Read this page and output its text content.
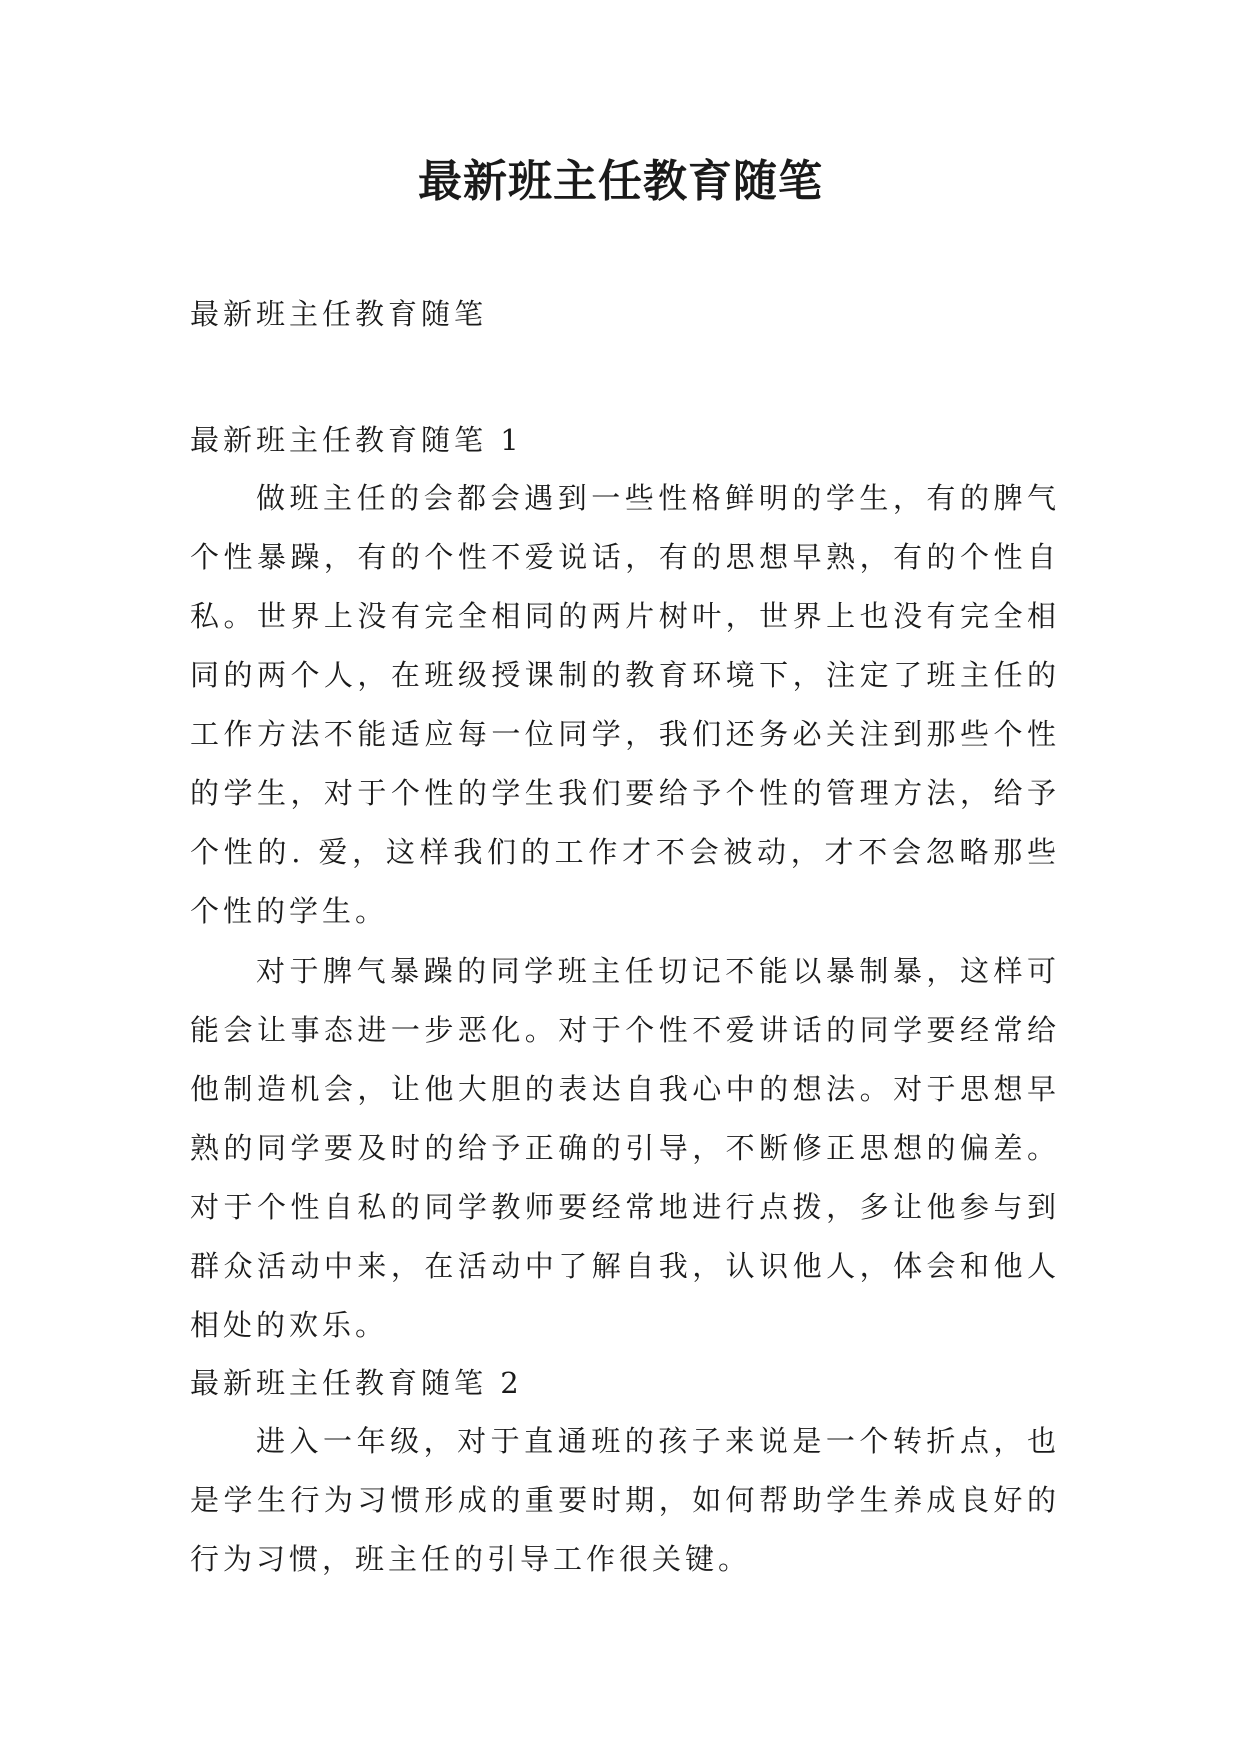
最新班主任教育随笔

最新班主任教育随笔

最新班主任教育随笔 1

做班主任的会都会遇到一些性格鲜明的学生，有的脾气个性暴躁，有的个性不爱说话，有的思想早熟，有的个性自私。世界上没有完全相同的两片树叶，世界上也没有完全相同的两个人，在班级授课制的教育环境下，注定了班主任的工作方法不能适应每一位同学，我们还务必关注到那些个性的学生，对于个性的学生我们要给予个性的管理方法，给予个性的. 爱，这样我们的工作才不会被动，才不会忽略那些个性的学生。

对于脾气暴躁的同学班主任切记不能以暴制暴，这样可能会让事态进一步恶化。对于个性不爱讲话的同学要经常给他制造机会，让他大胆的表达自我心中的想法。对于思想早熟的同学要及时的给予正确的引导，不断修正思想的偏差。对于个性自私的同学教师要经常地进行点拨，多让他参与到群众活动中来，在活动中了解自我，认识他人，体会和他人相处的欢乐。

最新班主任教育随笔 2

进入一年级，对于直通班的孩子来说是一个转折点，也是学生行为习惯形成的重要时期，如何帮助学生养成良好的行为习惯，班主任的引导工作很关键。
